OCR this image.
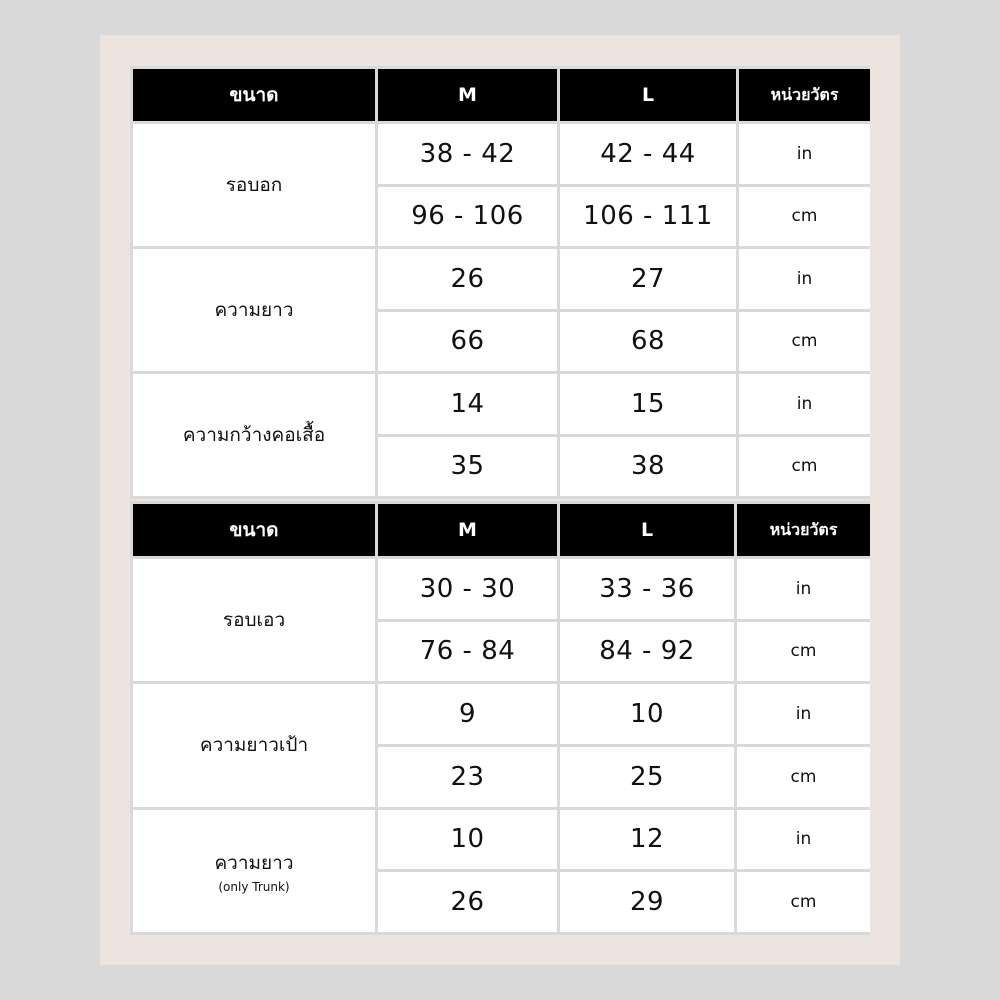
ขนาด	M	L	หน่วยวัตร
รอบอก	38 - 42	42 - 44	in
	96 - 106	106 - 111	cm
ความยาว	26	27	in
	66	68	cm
ความกว้างคอเสื้อ	14	15	in
	35	38	cm
ขนาด	M	L	หน่วยวัตร
รอบเอว	30 - 30	33 - 36	in
	76 - 84	84 - 92	cm
ความยาวเป้า	9	10	in
	23	25	cm
ความยาว
(only Trunk)	10	12	in
	26	29	cm
